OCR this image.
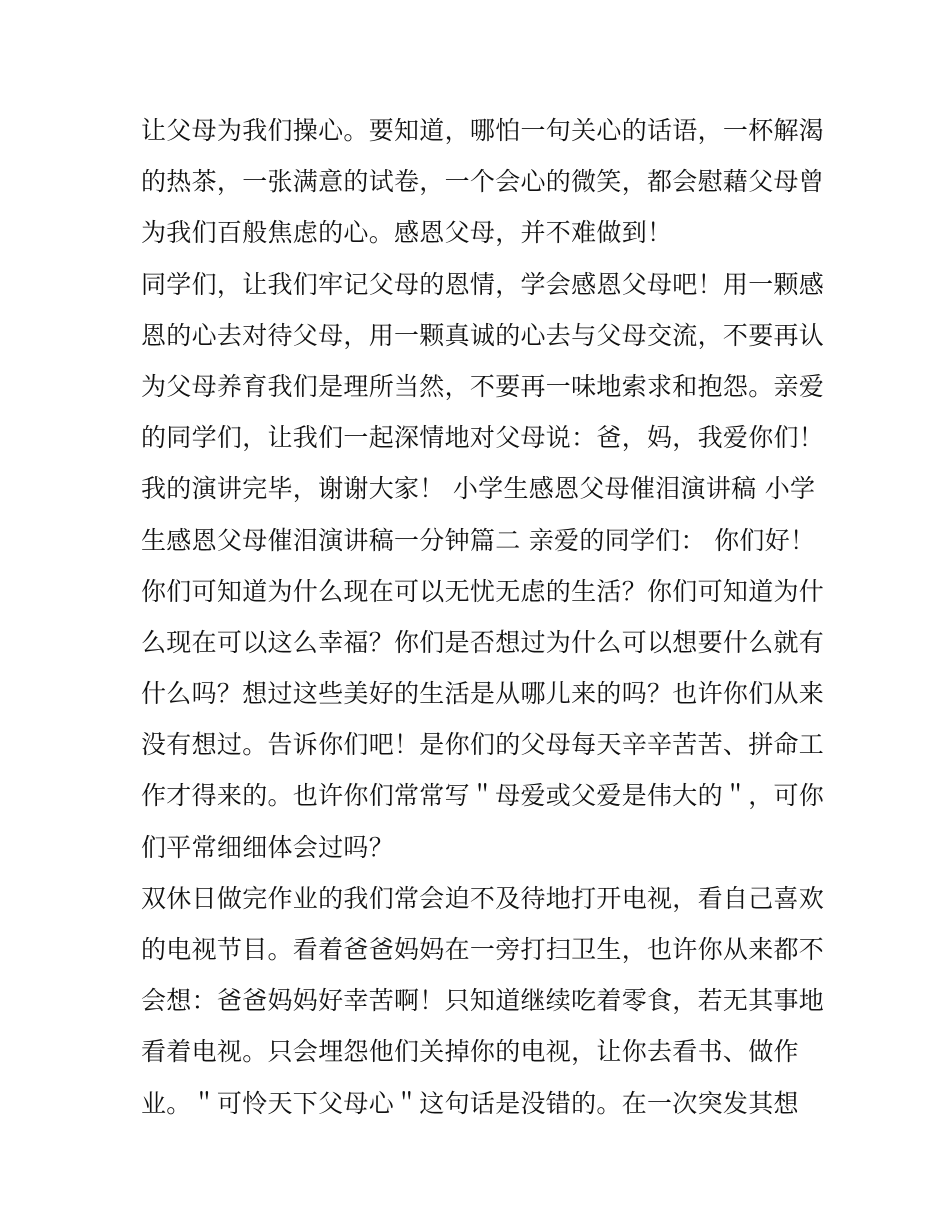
让父母为我们操心。要知道，哪怕一句关心的话语，一杯解渴
的热茶，一张满意的试卷，一个会心的微笑，都会慰藉父母曾
为我们百般焦虑的心。感恩父母，并不难做到！
同学们，让我们牢记父母的恩情，学会感恩父母吧！用一颗感
恩的心去对待父母，用一颗真诚的心去与父母交流，不要再认
为父母养育我们是理所当然，不要再一味地索求和抱怨。亲爱
的同学们，让我们一起深情地对父母说：爸，妈，我爱你们！
我的演讲完毕，谢谢大家！ 小学生感恩父母催泪演讲稿 小学
生感恩父母催泪演讲稿一分钟篇二 亲爱的同学们： 你们好！
你们可知道为什么现在可以无忧无虑的生活？你们可知道为什
么现在可以这么幸福？你们是否想过为什么可以想要什么就有
什么吗？想过这些美好的生活是从哪儿来的吗？也许你们从来
没有想过。告诉你们吧！是你们的父母每天辛辛苦苦、拼命工
作才得来的。也许你们常常写＂母爱或父爱是伟大的＂，可你
们平常细细体会过吗？
双休日做完作业的我们常会迫不及待地打开电视，看自己喜欢
的电视节目。看着爸爸妈妈在一旁打扫卫生，也许你从来都不
会想：爸爸妈妈好幸苦啊！只知道继续吃着零食，若无其事地
看着电视。只会埋怨他们关掉你的电视，让你去看书、做作
业。＂可怜天下父母心＂这句话是没错的。在一次突发其想
